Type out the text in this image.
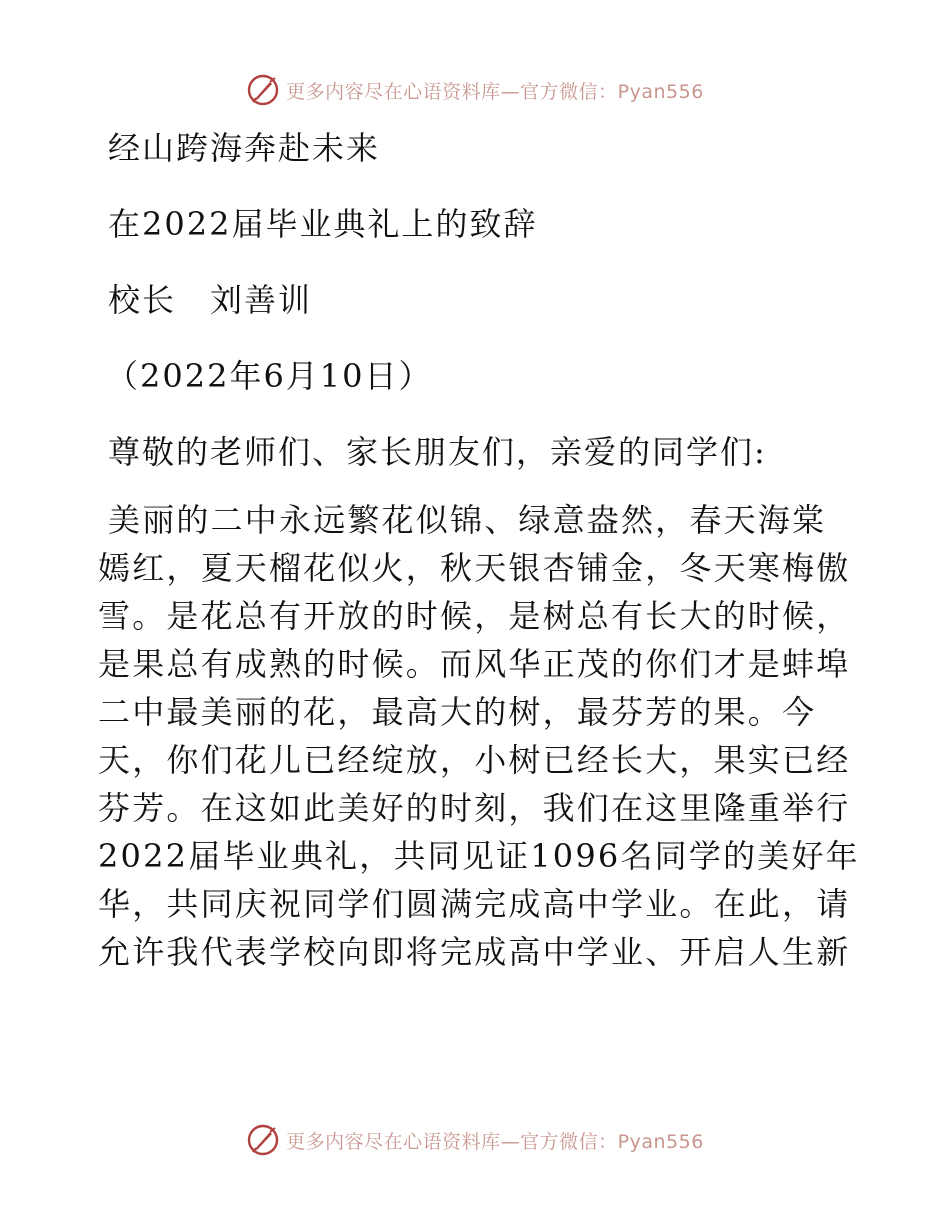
更多内容尽在心语资料库—官方微信：Pyan556
经山跨海奔赴未来
在2022届毕业典礼上的致辞
校长　刘善训
（2022年6月10日）
尊敬的老师们、家长朋友们，亲爱的同学们:
美丽的二中永远繁花似锦、绿意盎然，春天海棠
嫣红，夏天榴花似火，秋天银杏铺金，冬天寒梅傲
雪。是花总有开放的时候，是树总有长大的时候，
是果总有成熟的时候。而风华正茂的你们才是蚌埠
二中最美丽的花，最高大的树，最芬芳的果。今
天，你们花儿已经绽放，小树已经长大，果实已经
芬芳。在这如此美好的时刻，我们在这里隆重举行
2022届毕业典礼，共同见证1096名同学的美好年
华，共同庆祝同学们圆满完成高中学业。在此，请
允许我代表学校向即将完成高中学业、开启人生新
更多内容尽在心语资料库—官方微信：Pyan556
